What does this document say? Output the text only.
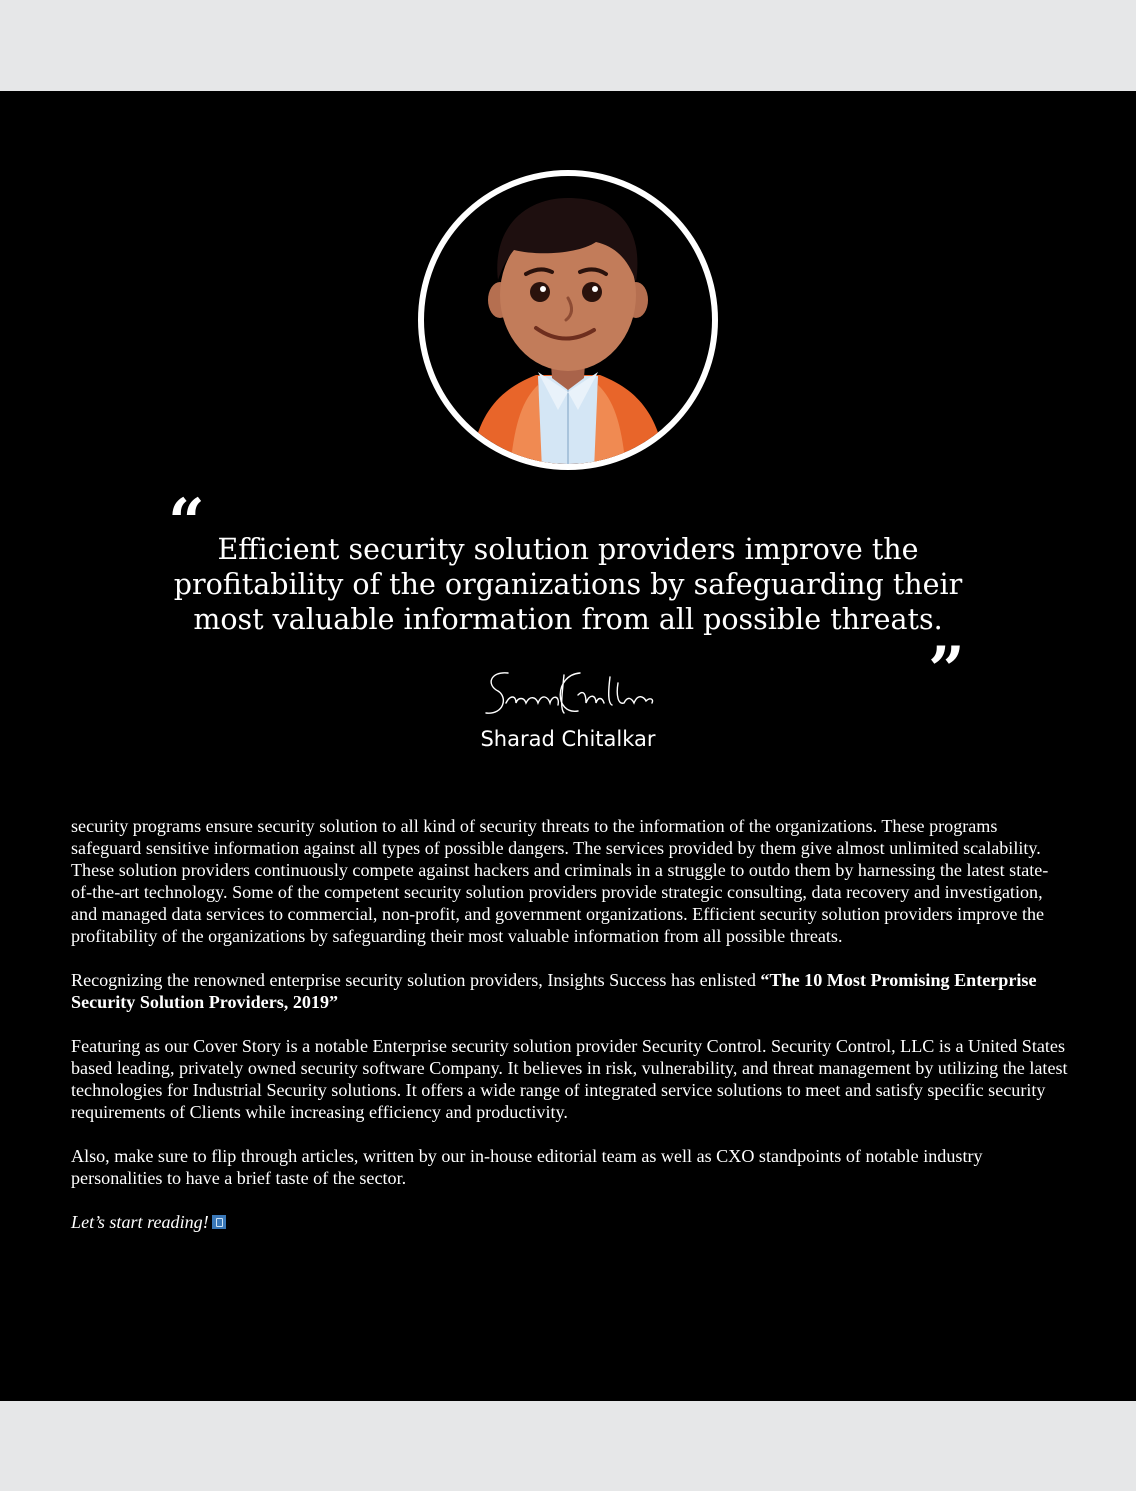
“ Efficient security solution providers improve the profitability of the organizations by safeguarding their most valuable information from all possible threats.

”
Sharad Chitalkar

security programs ensure security solution to all kind of security threats to the information of the organizations. These programs safeguard sensitive information against all types of possible dangers. The services provided by them give almost unlimited scalability. These solution providers continuously compete against hackers and criminals in a struggle to outdo them by harnessing the latest state-of-the-art technology. Some of the competent security solution providers provide strategic consulting, data recovery and investigation, and managed data services to commercial, non-profit, and government organizations. Efficient security solution providers improve the profitability of the organizations by safeguarding their most valuable information from all possible threats.

Recognizing the renowned enterprise security solution providers, Insights Success has enlisted “The 10 Most Promising Enterprise Security Solution Providers, 2019”

Featuring as our Cover Story is a notable Enterprise security solution provider Security Control. Security Control, LLC is a United States based leading, privately owned security software Company. It believes in risk, vulnerability, and threat management by utilizing the latest technologies for Industrial Security solutions. It offers a wide range of integrated service solutions to meet and satisfy specific security requirements of Clients while increasing efficiency and productivity.

Also, make sure to flip through articles, written by our in-house editorial team as well as CXO standpoints of notable industry personalities to have a brief taste of the sector.

Let’s start reading!
